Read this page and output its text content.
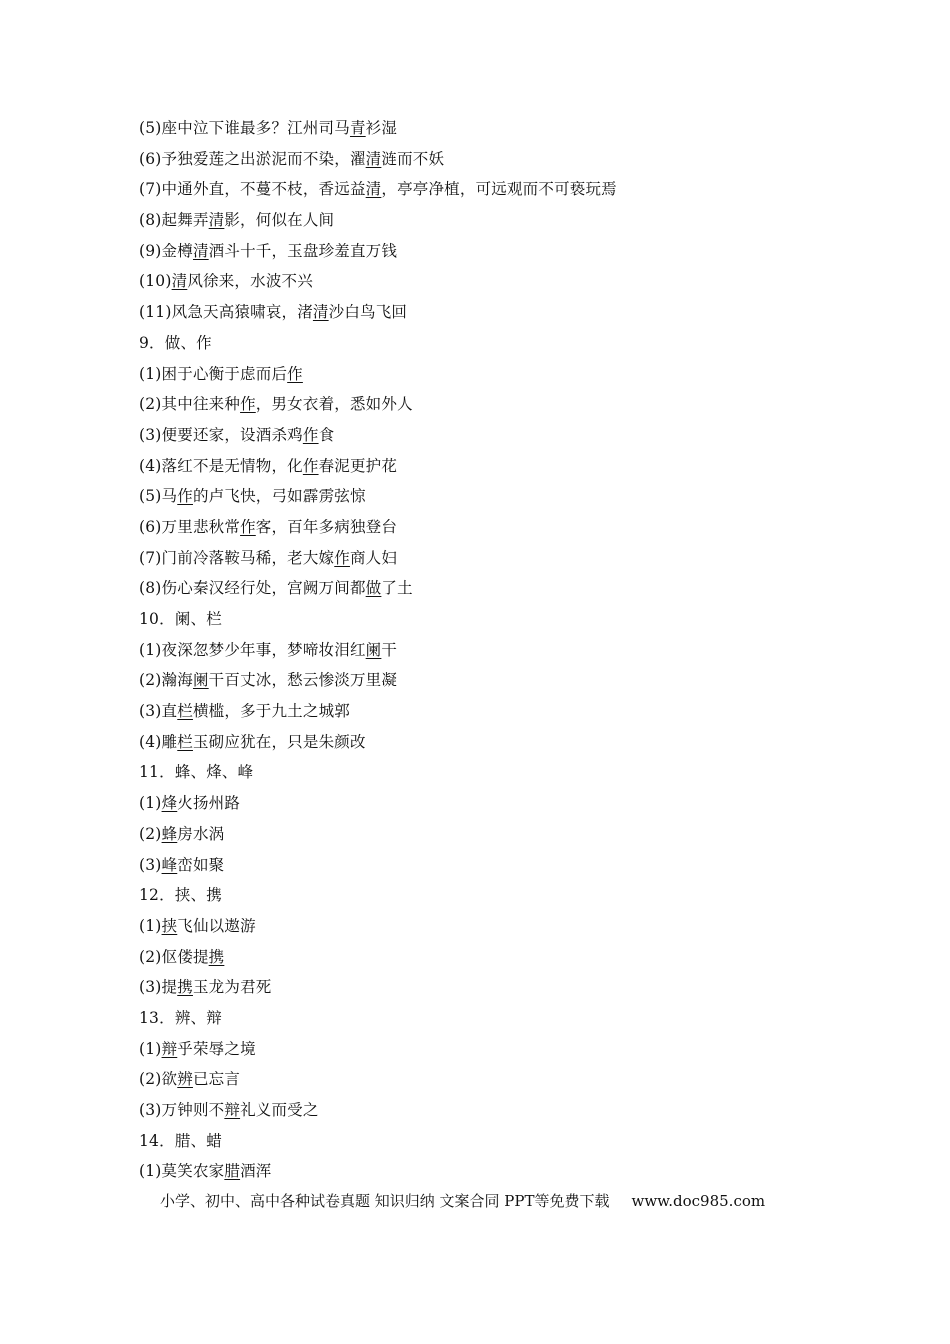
(5)座中泣下谁最多？江州司马青衫湿
(6)予独爱莲之出淤泥而不染，濯清涟而不妖
(7)中通外直，不蔓不枝，香远益清，亭亭净植，可远观而不可亵玩焉
(8)起舞弄清影，何似在人间
(9)金樽清酒斗十千，玉盘珍羞直万钱
(10)清风徐来，水波不兴
(11)风急天高猿啸哀，渚清沙白鸟飞回
9．做、作
(1)困于心衡于虑而后作
(2)其中往来种作，男女衣着，悉如外人
(3)便要还家，设酒杀鸡作食
(4)落红不是无情物，化作春泥更护花
(5)马作的卢飞快，弓如霹雳弦惊
(6)万里悲秋常作客，百年多病独登台
(7)门前冷落鞍马稀，老大嫁作商人妇
(8)伤心秦汉经行处，宫阙万间都做了土
10．阑、栏
(1)夜深忽梦少年事，梦啼妆泪红阑干
(2)瀚海阑干百丈冰，愁云惨淡万里凝
(3)直栏横槛，多于九土之城郭
(4)雕栏玉砌应犹在，只是朱颜改
11．蜂、烽、峰
(1)烽火扬州路
(2)蜂房水涡
(3)峰峦如聚
12．挟、携
(1)挟飞仙以遨游
(2)伛偻提携
(3)提携玉龙为君死
13．辨、辩
(1)辩乎荣辱之境
(2)欲辨已忘言
(3)万钟则不辩礼义而受之
14．腊、蜡
(1)莫笑农家腊酒浑
小学、初中、高中各种试卷真题 知识归纳 文案合同 PPT等免费下载 www.doc985.com
